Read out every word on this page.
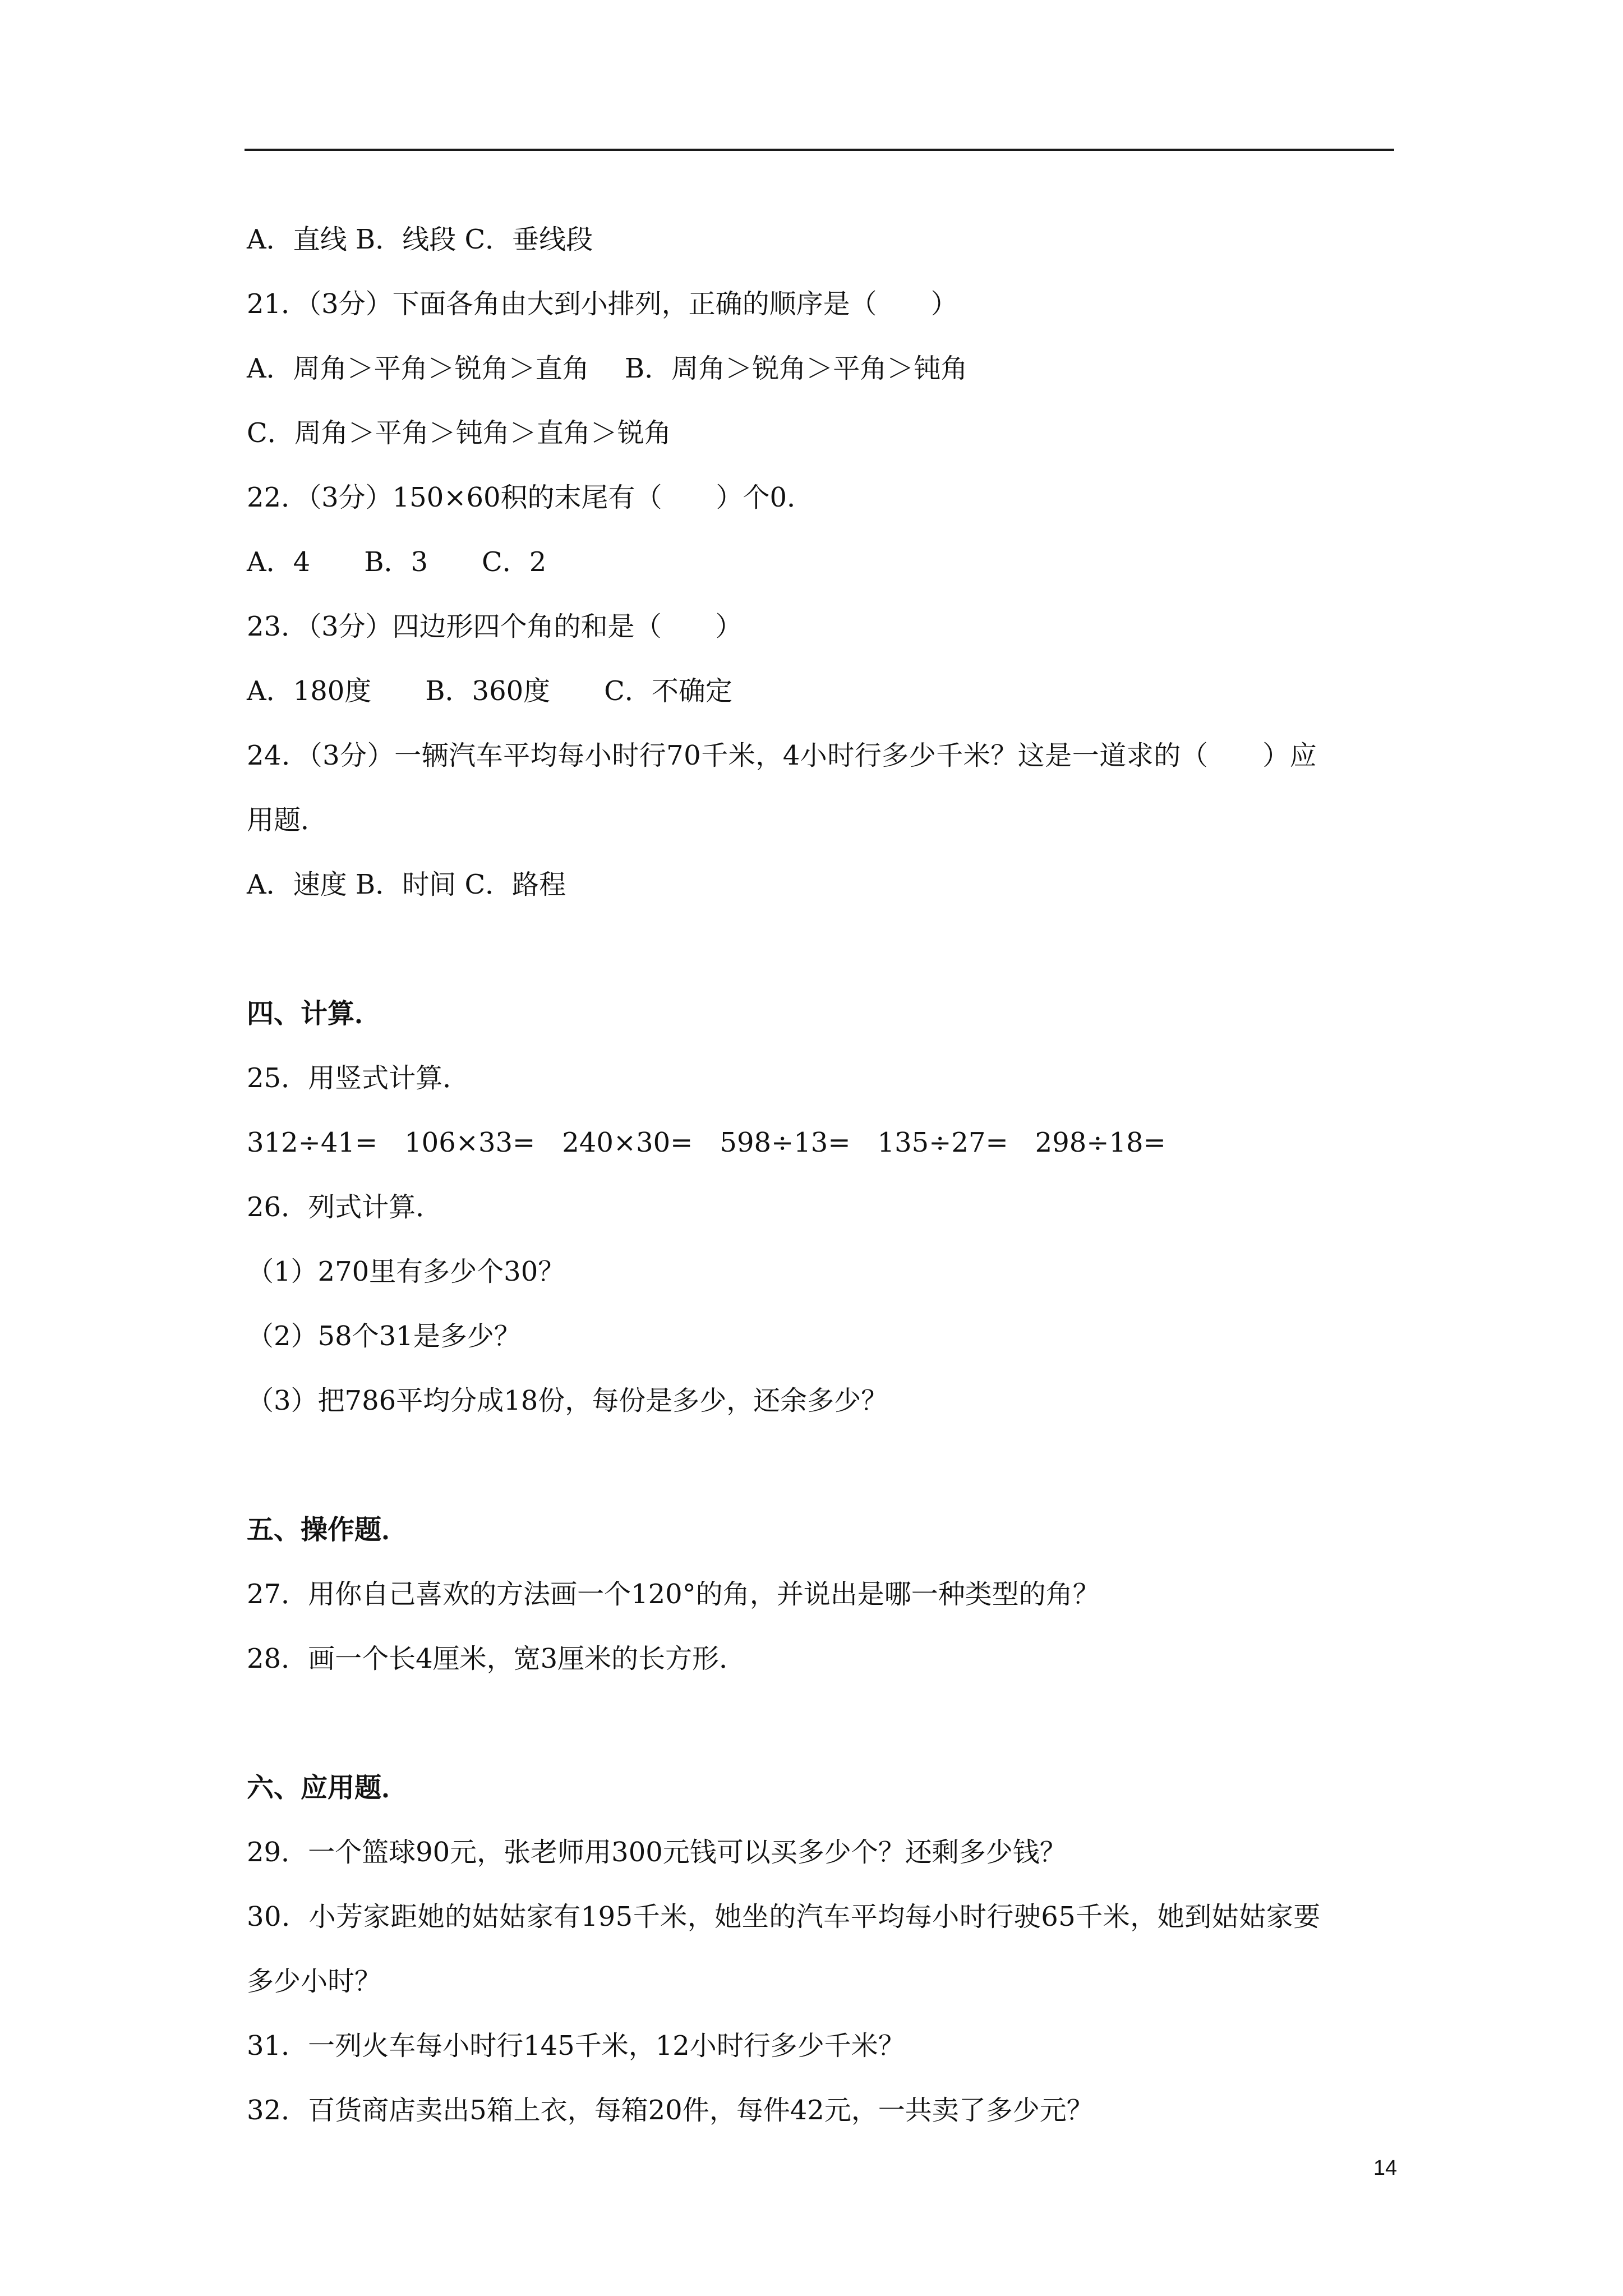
A．直线 B．线段 C．垂线段
21．（3分）下面各角由大到小排列，正确的顺序是（　　）
A．周角＞平角＞锐角＞直角　 B．周角＞锐角＞平角＞钝角
C．周角＞平角＞钝角＞直角＞锐角
22．（3分）150×60积的末尾有（　　）个0．
A．4　　B．3　　C．2
23．（3分）四边形四个角的和是（　　）
A．180度　　B．360度　　C．不确定
24．（3分）一辆汽车平均每小时行70千米，4小时行多少千米？这是一道求的（　　）应
用题．
A．速度 B．时间 C．路程
四、计算．
25．用竖式计算．
312÷41=　106×33=　240×30=　598÷13=　135÷27=　298÷18=
26．列式计算．
（1）270里有多少个30？
（2）58个31是多少？
（3）把786平均分成18份，每份是多少，还余多少？
五、操作题．
27．用你自己喜欢的方法画一个120°的角，并说出是哪一种类型的角？
28．画一个长4厘米，宽3厘米的长方形．
六、应用题．
29．一个篮球90元，张老师用300元钱可以买多少个？还剩多少钱？
30．小芳家距她的姑姑家有195千米，她坐的汽车平均每小时行驶65千米，她到姑姑家要
多少小时？
31．一列火车每小时行145千米，12小时行多少千米？
32．百货商店卖出5箱上衣，每箱20件，每件42元，一共卖了多少元？
14
